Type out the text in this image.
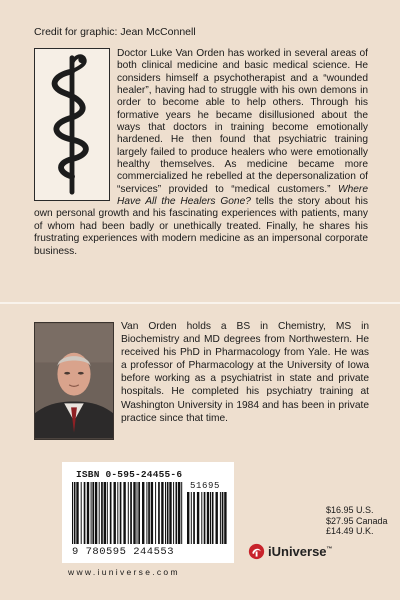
Credit for graphic: Jean McConnell
Doctor Luke Van Orden has worked in several areas of both clinical medicine and basic medical science. He considers himself a psychotherapist and a “wounded healer”, having had to struggle with his own demons in order to become able to help others. Through his formative years he became disillusioned about the ways that doctors in training become emotionally hardened. He then found that psychiatric training largely failed to produce healers who were emotionally healthy themselves. As medicine became more commercialized he rebelled at the depersonalization of “services” provided to “medical customers.” Where Have All the Healers Gone? tells the story about his own personal growth and his fascinating experiences with patients, many of whom had been badly or unethically treated. Finally, he shares his frustrating experiences with modern medicine as an impersonal corporate business.
Van Orden holds a BS in Chemistry, MS in Biochemistry and MD degrees from Northwestern. He received his PhD in Pharmacology from Yale. He was a professor of Pharmacology at the University of Iowa before working as a psychiatrist in state and private hospitals. He completed his psychiatry training at Washington University in 1984 and has been in private practice since that time.
ISBN 0-595-24455-6
51695
9 780595 244553
$16.95 U.S.
$27.95 Canada
£14.49 U.K.
iUniverse™
www.iuniverse.com
